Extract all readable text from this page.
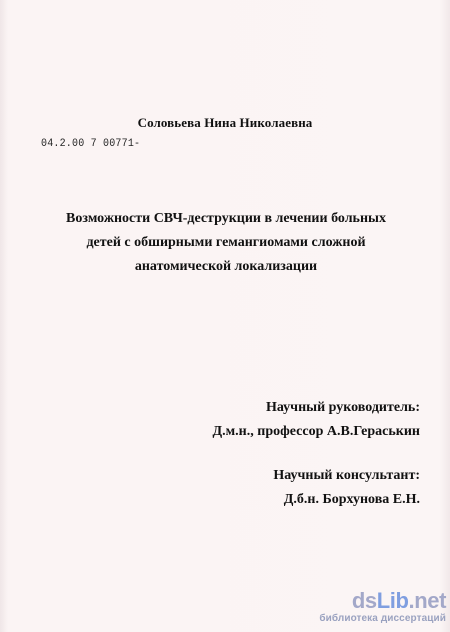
Соловьева Нина Николаевна
04.2.00 7 00771-
Возможности СВЧ-деструкции в лечении больных
детей с обширными гемангиомами сложной
анатомической локализации
Научный руководитель:
Д.м.н., профессор А.В.Гераськин
Научный консультант:
Д.б.н. Борхунова Е.Н.
dsLib.net
библиотека диссертаций
